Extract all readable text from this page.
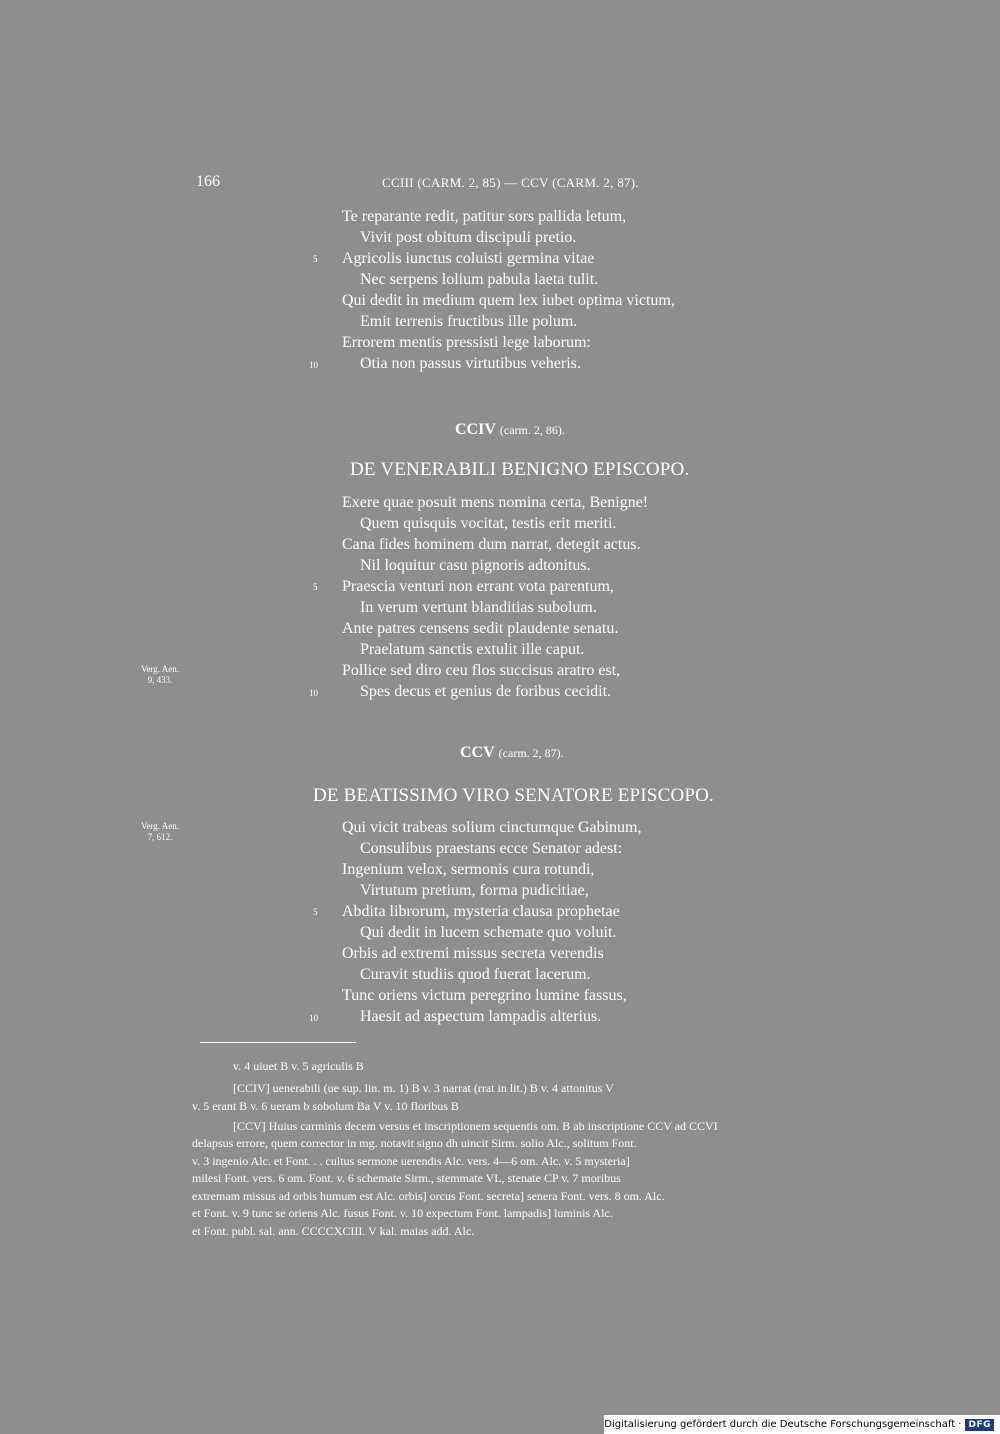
166	CCIII (CARM. 2, 85) — CCV (CARM. 2, 87).
Te reparante redit, patitur sors pallida letum,
Vivit post obitum discipuli pretio.
5 Agricolis iunctus coluisti germina vitae
Nec serpens lolium pabula laeta tulit.
Qui dedit in medium quem lex iubet optima victum,
Emit terrenis fructibus ille polum.
Errorem mentis pressisti lege laborum:
10	Otia non passus virtutibus veheris.
CCIV (carm. 2, 86).
DE VENERABILI BENIGNO EPISCOPO.
Exere quae posuit mens nomina certa, Benigne!
Quem quisquis vocitat, testis erit meriti.
Cana fides hominem dum narrat, detegit actus.
Nil loquitur casu pignoris adtonitus.
5 Praescia venturi non errant vota parentum,
In verum vertunt blanditias subolum.
Ante patres censens sedit plaudente senatu.
Praelatum sanctis extulit ille caput.
Verg. Aen.
9, 433.
Pollice sed diro ceu flos succisus aratro est,
10	Spes decus et genius de foribus cecidit.
CCV (carm. 2, 87).
DE BEATISSIMO VIRO SENATORE EPISCOPO.
Verg. Aen.
7, 612.
Qui vicit trabeas solium cinctumque Gabinum,
Consulibus praestans ecce Senator adest:
Ingenium velox, sermonis cura rotundi,
Virtutum pretium, forma pudicitiae,
5 Abdita librorum, mysteria clausa prophetae
Qui dedit in lucem schemate quo voluit.
Orbis ad extremi missus secreta verendis
Curavit studiis quod fuerat lacerum.
Tunc oriens victum peregrino lumine fassus,
10	Haesit ad aspectum lampadis alterius.
v. 4 uiuet B v. 5 agriculis B
[CCIV] uenerabili (ue sup. lin. m. 1) B v. 3 narrat (rrat in lit.) B v. 4 attonitus V
v. 5 erant B v. 6 ueram b sobolum Ba V v. 10 floribus B
[CCV] Huius carminis decem versus et inscriptionem sequentis om. B ab inscriptione CCV ad CCVI
delapsus errore, quem corrector in mg. notavit signo dh uincit Sirm. solio Alc., solitum Font.
v. 3 ingenio Alc. et Font. . . cultus sermone uerendis Alc. vers. 4—6 om. Alc. v. 5 mysteria]
milesi Font. vers. 6 om. Font. v. 6 schemate Sirm., stemmate VL, stenate CP v. 7 moribus
extremam missus ad orbis humum est Alc. orbis] orcus Font. secreta] senera Font. vers. 8 om. Alc.
et Font. v. 9 tunc se oriens Alc. fusus Font. v. 10 expectum Font. lampadis] luminis Alc.
et Font. publ. sal. ann. CCCCXCIII. V kal. maias add. Alc.
Digitalisierung gefördert durch die Deutsche Forschungsgemeinschaft · DFG
